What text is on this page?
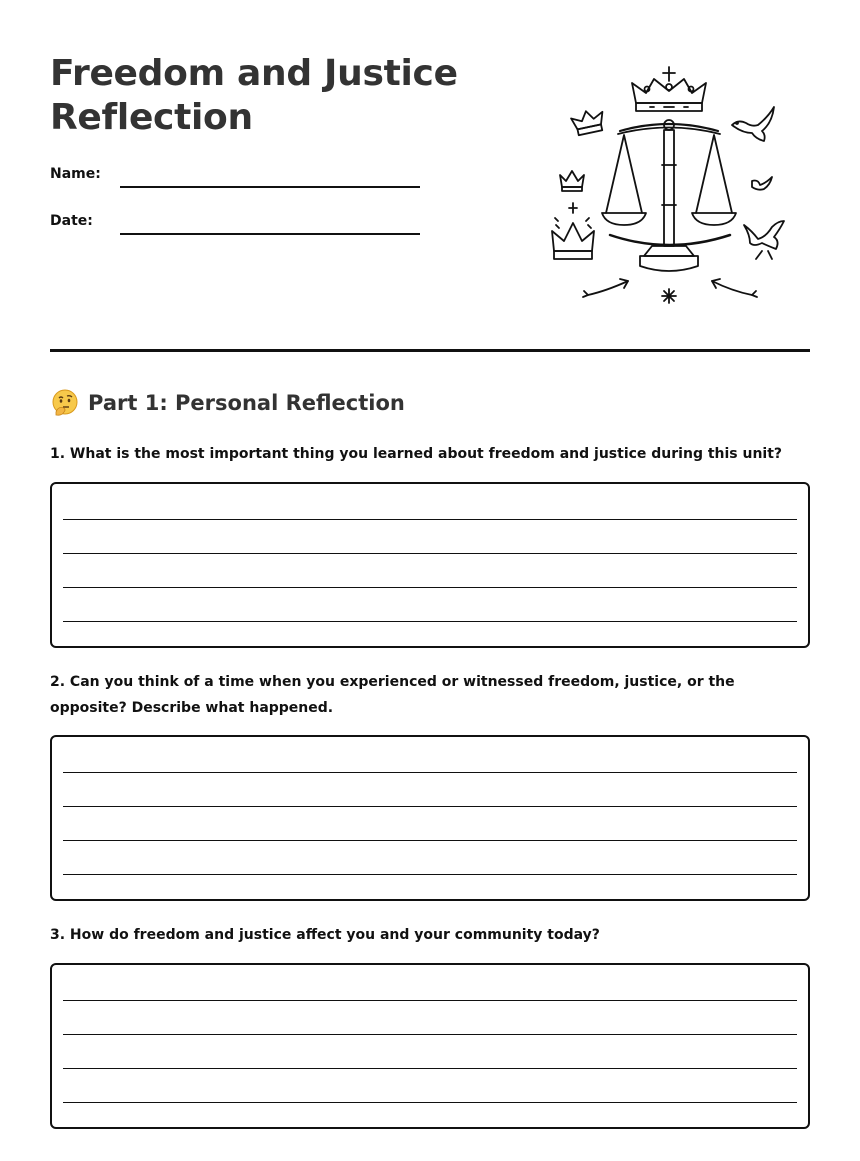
Freedom and Justice
Reflection
Name:
Date:
Part 1: Personal Reflection

1. What is the most important thing you learned about freedom and justice during this unit?

2. Can you think of a time when you experienced or witnessed freedom, justice, or the opposite? Describe what happened.

3. How do freedom and justice affect you and your community today?
